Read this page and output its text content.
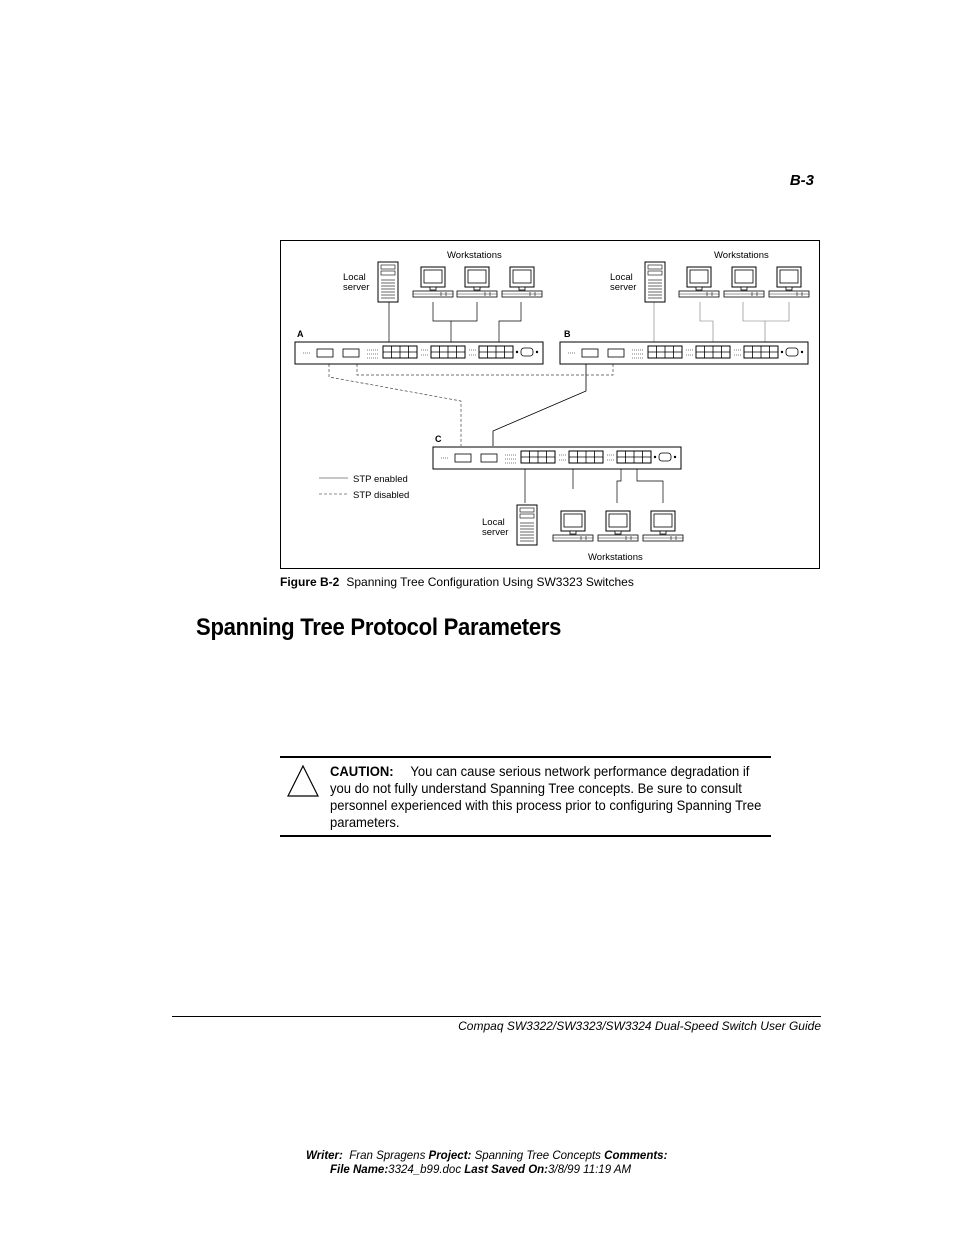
B-3
Workstations	Workstations
Workstations
Local
server
Local
server
Local
server
A	B
C
STP enabled
STP disabled
Figure B-2 Spanning Tree Configuration Using SW3323 Switches
Spanning Tree Protocol Parameters
CAUTION: You can cause serious network performance degradation if
you do not fully understand Spanning Tree concepts. Be sure to consult
personnel experienced with this process prior to configuring Spanning Tree
parameters.
Compaq SW3322/SW3323/SW3324 Dual-Speed Switch User Guide
Writer: Fran Spragens Project: Spanning Tree Concepts Comments:
File Name:3324_b99.doc Last Saved On:3/8/99 11:19 AM
